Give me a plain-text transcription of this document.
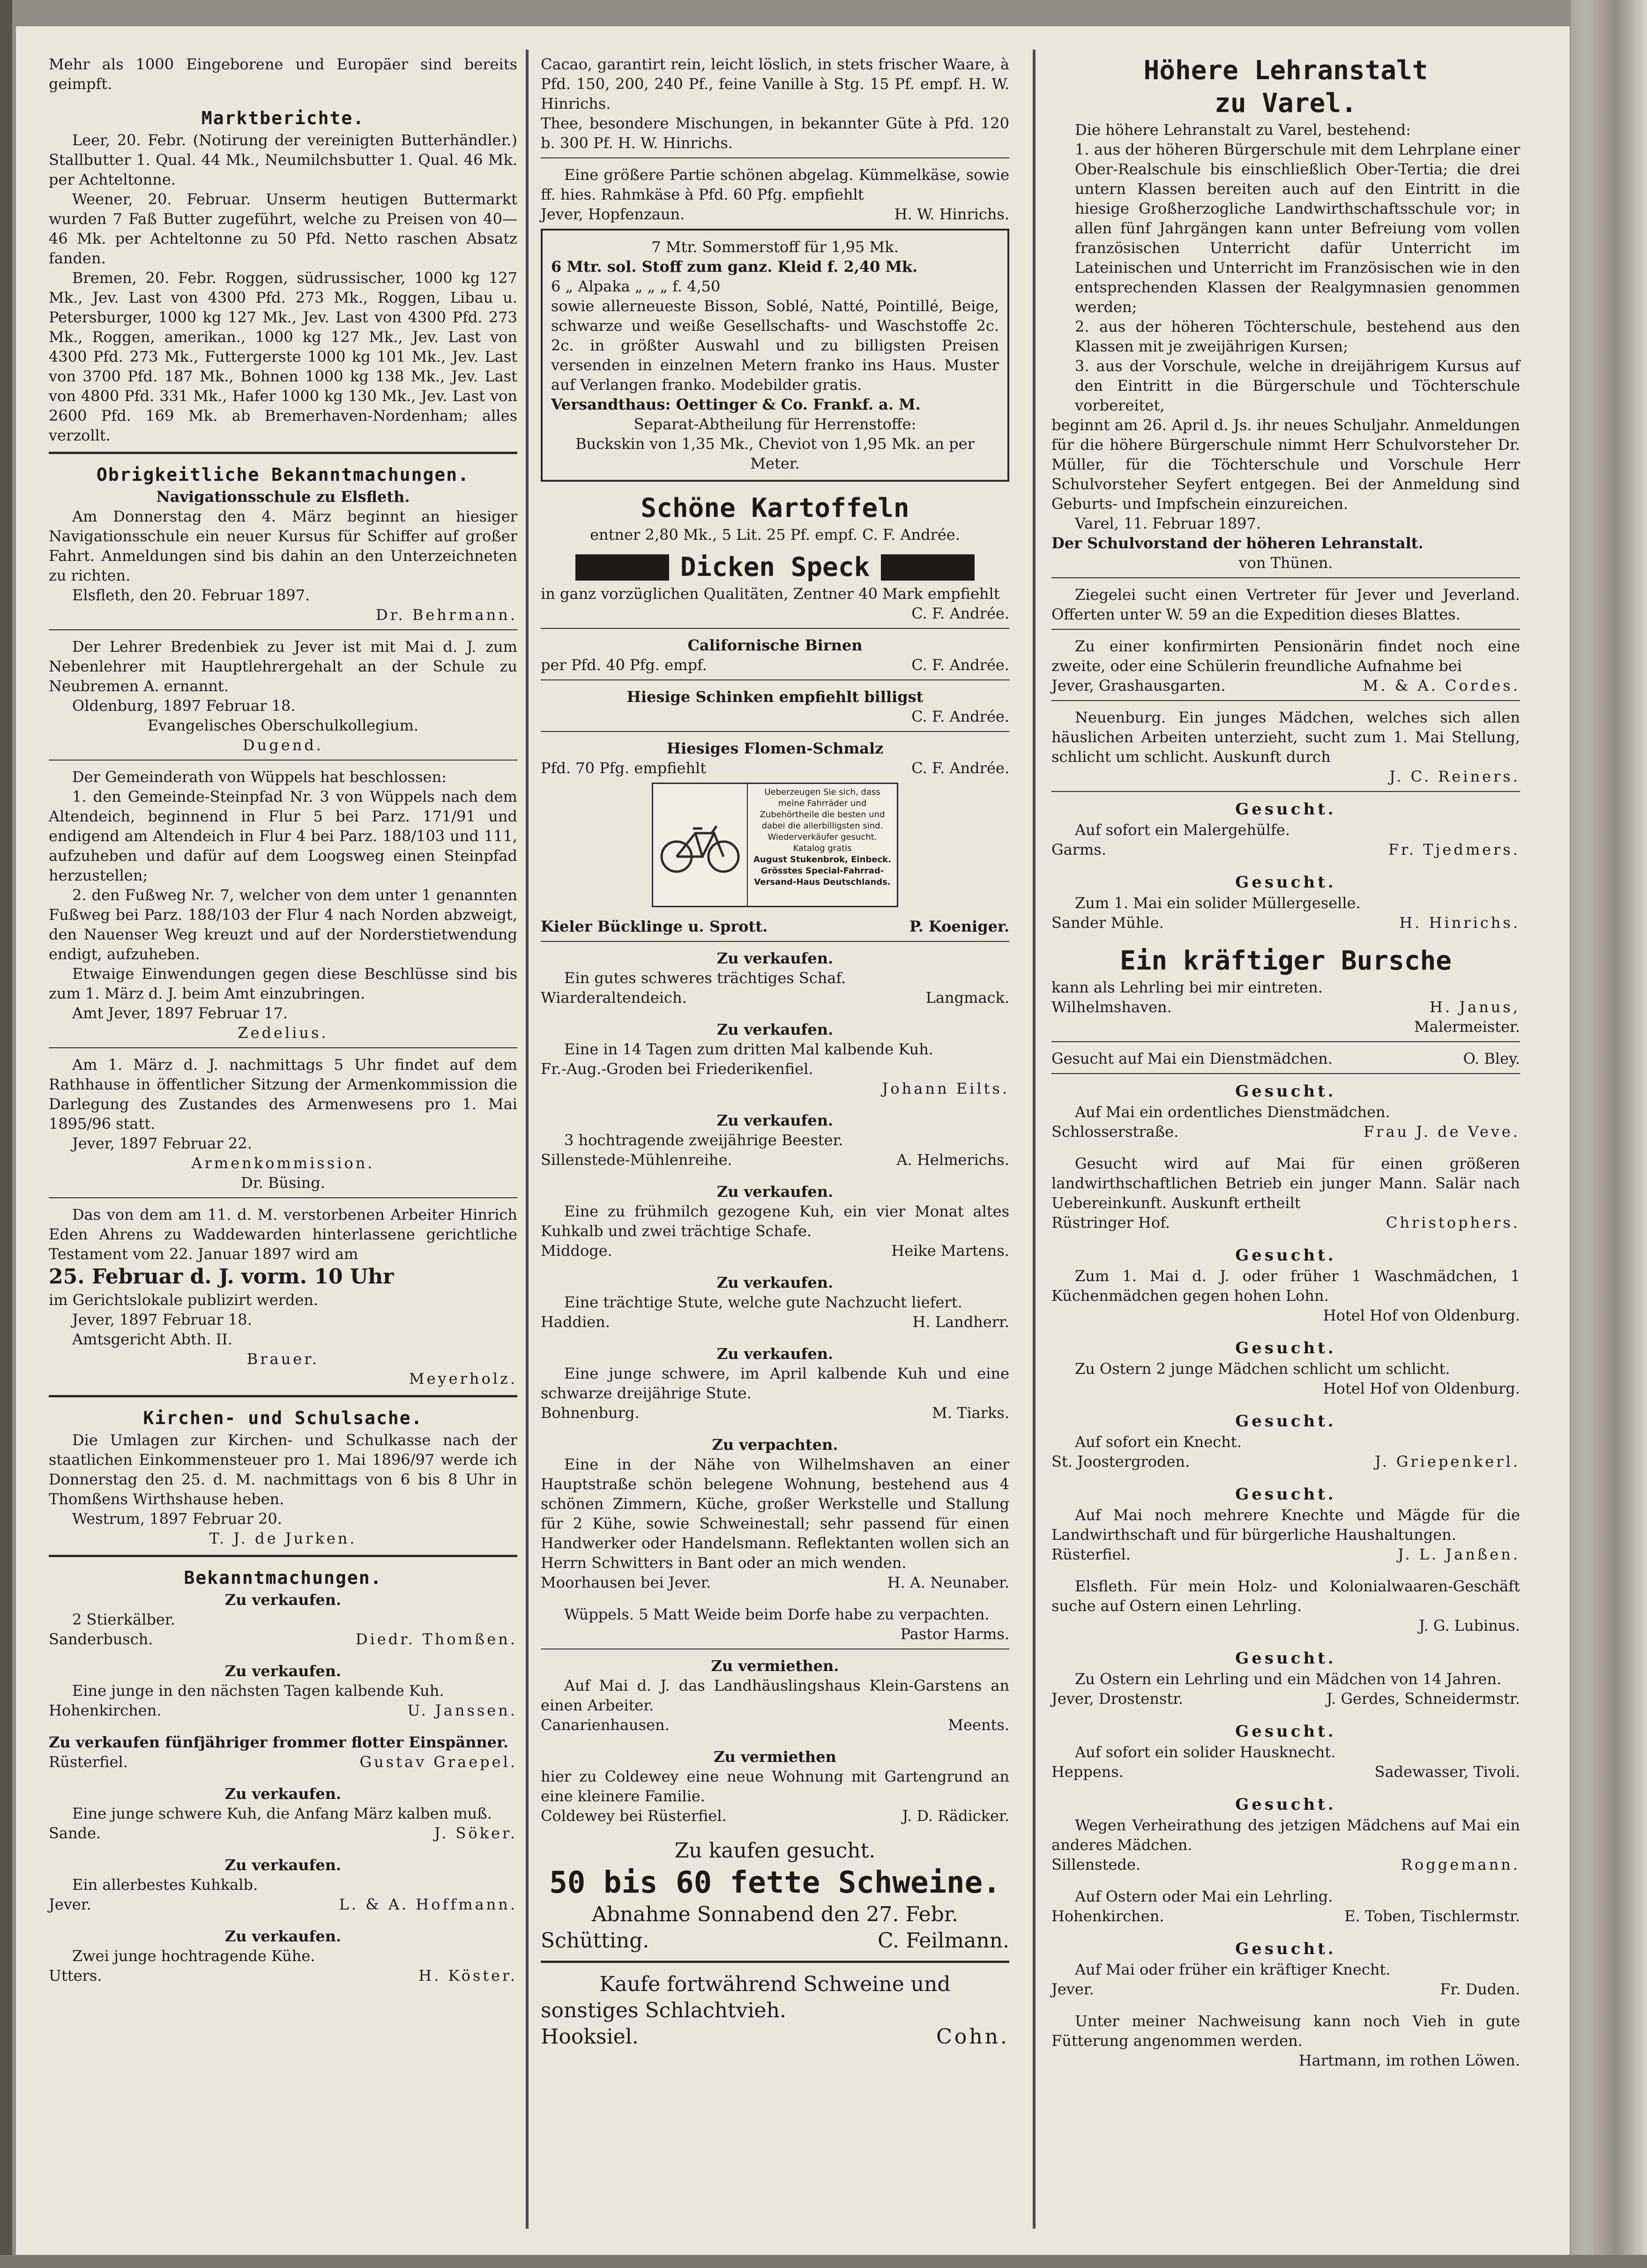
Mehr als 1000 Eingeborene und Europäer sind bereits geimpft.

Marktberichte.

Leer, 20. Febr. (Notirung der vereinigten Butterhändler.) Stallbutter 1. Qual. 44 Mk., Neumilchsbutter 1. Qual. 46 Mk. per Achteltonne.

Weener, 20. Februar. Unserm heutigen Buttermarkt wurden 7 Faß Butter zugeführt, welche zu Preisen von 40—46 Mk. per Achteltonne zu 50 Pfd. Netto raschen Absatz fanden.

Bremen, 20. Febr. Roggen, südrussischer, 1000 kg 127 Mk., Jev. Last von 4300 Pfd. 273 Mk., Roggen, Libau u. Petersburger, 1000 kg 127 Mk., Jev. Last von 4300 Pfd. 273 Mk., Roggen, amerikan., 1000 kg 127 Mk., Jev. Last von 4300 Pfd. 273 Mk., Futtergerste 1000 kg 101 Mk., Jev. Last von 3700 Pfd. 187 Mk., Bohnen 1000 kg 138 Mk., Jev. Last von 4800 Pfd. 331 Mk., Hafer 1000 kg 130 Mk., Jev. Last von 2600 Pfd. 169 Mk. ab Bremerhaven-Nordenham; alles verzollt.

Obrigkeitliche Bekanntmachungen.

Navigationsschule zu Elsfleth.

Am Donnerstag den 4. März beginnt an hiesiger Navigationsschule ein neuer Kursus für Schiffer auf großer Fahrt. Anmeldungen sind bis dahin an den Unterzeichneten zu richten.

Elsfleth, den 20. Februar 1897.

Dr. Behrmann.

Der Lehrer Bredenbiek zu Jever ist mit Mai d. J. zum Nebenlehrer mit Hauptlehrergehalt an der Schule zu Neubremen A. ernannt.

Oldenburg, 1897 Februar 18.

Evangelisches Oberschulkollegium.

Dugend.

Der Gemeinderath von Wüppels hat beschlossen:

1. den Gemeinde-Steinpfad Nr. 3 von Wüppels nach dem Altendeich, beginnend in Flur 5 bei Parz. 171/91 und endigend am Altendeich in Flur 4 bei Parz. 188/103 und 111, aufzuheben und dafür auf dem Loogsweg einen Steinpfad herzustellen;

2. den Fußweg Nr. 7, welcher von dem unter 1 genannten Fußweg bei Parz. 188/103 der Flur 4 nach Norden abzweigt, den Nauenser Weg kreuzt und auf der Norderstietwendung endigt, aufzuheben.

Etwaige Einwendungen gegen diese Beschlüsse sind bis zum 1. März d. J. beim Amt einzubringen.

Amt Jever, 1897 Februar 17.

Zedelius.

Am 1. März d. J. nachmittags 5 Uhr findet auf dem Rathhause in öffentlicher Sitzung der Armenkommission die Darlegung des Zustandes des Armenwesens pro 1. Mai 1895/96 statt.

Jever, 1897 Februar 22.

Armenkommission.

Dr. Büsing.

Das von dem am 11. d. M. verstorbenen Arbeiter Hinrich Eden Ahrens zu Waddewarden hinterlassene gerichtliche Testament vom 22. Januar 1897 wird am

25. Februar d. J. vorm. 10 Uhr

im Gerichtslokale publizirt werden.

Jever, 1897 Februar 18.

Amtsgericht Abth. II.

Brauer.

Meyerholz.

Kirchen- und Schulsache.

Die Umlagen zur Kirchen- und Schulkasse nach der staatlichen Einkommensteuer pro 1. Mai 1896/97 werde ich Donnerstag den 25. d. M. nachmittags von 6 bis 8 Uhr in Thomßens Wirthshause heben.

Westrum, 1897 Februar 20.

T. J. de Jurken.

Bekanntmachungen.

Zu verkaufen.

2 Stierkälber.

Sanderbusch.	Diedr. Thomßen.

Zu verkaufen.

Eine junge in den nächsten Tagen kalbende Kuh.

Hohenkirchen.	U. Janssen.

Zu verkaufen fünfjähriger frommer flotter Einspänner.

Rüsterfiel.	Gustav Graepel.

Zu verkaufen.

Eine junge schwere Kuh, die Anfang März kalben muß.

Sande.	J. Söker.

Zu verkaufen.

Ein allerbestes Kuhkalb.

Jever.	L. & A. Hoffmann.

Zu verkaufen.

Zwei junge hochtragende Kühe.

Utters.	H. Köster.

Cacao, garantirt rein, leicht löslich, in stets frischer Waare, à Pfd. 150, 200, 240 Pf., feine Vanille à Stg. 15 Pf. empf. H. W. Hinrichs.

Thee, besondere Mischungen, in bekannter Güte à Pfd. 120 b. 300 Pf. H. W. Hinrichs.

Eine größere Partie schönen abgelag. Kümmelkäse, sowie ff. hies. Rahmkäse à Pfd. 60 Pfg. empfiehlt

Jever, Hopfenzaun.	H. W. Hinrichs.

7 Mtr. Sommerstoff für 1,95 Mk.

6 Mtr. sol. Stoff zum ganz. Kleid f. 2,40 Mk.

6 „ Alpaka „ „ „ f. 4,50

sowie allerneueste Bisson, Soblé, Natté, Pointillé, Beige, schwarze und weiße Gesellschafts- und Waschstoffe 2c. 2c. in größter Auswahl und zu billigsten Preisen versenden in einzelnen Metern franko ins Haus. Muster auf Verlangen franko. Modebilder gratis.

Versandthaus: Oettinger & Co. Frankf. a. M.

Separat-Abtheilung für Herrenstoffe:

Buckskin von 1,35 Mk., Cheviot von 1,95 Mk. an per Meter.

Schöne Kartoffeln

entner 2,80 Mk., 5 Lit. 25 Pf. empf. C. F. Andrée.

Dicken Speck

in ganz vorzüglichen Qualitäten, Zentner 40 Mark empfiehlt

C. F. Andrée.

Californische Birnen

per Pfd. 40 Pfg. empf.	C. F. Andrée.

Hiesige Schinken empfiehlt billigst

C. F. Andrée.

Hiesiges Flomen-Schmalz

Pfd. 70 Pfg. empfiehlt	C. F. Andrée.
Ueberzeugen Sie sich, dass meine Fahrräder und Zubehörtheile die besten und dabei die allerbilligsten sind.
Wiederverkäufer gesucht. Katalog gratis
August Stukenbrok, Einbeck.
Grösstes Special-Fahrrad-Versand-Haus Deutschlands.
Kieler Bücklinge u. Sprott.	P. Koeniger.

Zu verkaufen.

Ein gutes schweres trächtiges Schaf.

Wiarderaltendeich.	Langmack.

Zu verkaufen.

Eine in 14 Tagen zum dritten Mal kalbende Kuh.

Fr.-Aug.-Groden bei Friederikenfiel.

Johann Eilts.

Zu verkaufen.

3 hochtragende zweijährige Beester.

Sillenstede-Mühlenreihe.	A. Helmerichs.

Zu verkaufen.

Eine zu frühmilch gezogene Kuh, ein vier Monat altes Kuhkalb und zwei trächtige Schafe.

Middoge.	Heike Martens.

Zu verkaufen.

Eine trächtige Stute, welche gute Nachzucht liefert.

Haddien.	H. Landherr.

Zu verkaufen.

Eine junge schwere, im April kalbende Kuh und eine schwarze dreijährige Stute.

Bohnenburg.	M. Tiarks.

Zu verpachten.

Eine in der Nähe von Wilhelmshaven an einer Hauptstraße schön belegene Wohnung, bestehend aus 4 schönen Zimmern, Küche, großer Werkstelle und Stallung für 2 Kühe, sowie Schweinestall; sehr passend für einen Handwerker oder Handelsmann. Reflektanten wollen sich an Herrn Schwitters in Bant oder an mich wenden.

Moorhausen bei Jever.	H. A. Neunaber.

Wüppels. 5 Matt Weide beim Dorfe habe zu verpachten.

Pastor Harms.

Zu vermiethen.

Auf Mai d. J. das Landhäuslingshaus Klein-Garstens an einen Arbeiter.

Canarienhausen.	Meents.

Zu vermiethen

hier zu Coldewey eine neue Wohnung mit Gartengrund an eine kleinere Familie.

Coldewey bei Rüsterfiel.	J. D. Rädicker.

Zu kaufen gesucht.

50 bis 60 fette Schweine.

Abnahme Sonnabend den 27. Febr.

Schütting.	C. Feilmann.

Kaufe fortwährend Schweine und

sonstiges Schlachtvieh.

Hooksiel.	Cohn.

Höhere Lehranstalt

zu Varel.

Die höhere Lehranstalt zu Varel, bestehend:

1. aus der höheren Bürgerschule mit dem Lehrplane einer Ober-Realschule bis einschließlich Ober-Tertia; die drei untern Klassen bereiten auch auf den Eintritt in die hiesige Großherzogliche Landwirthschaftsschule vor; in allen fünf Jahrgängen kann unter Befreiung vom vollen französischen Unterricht dafür Unterricht im Lateinischen und Unterricht im Französischen wie in den entsprechenden Klassen der Realgymnasien genommen werden;

2. aus der höheren Töchterschule, bestehend aus den Klassen mit je zweijährigen Kursen;

3. aus der Vorschule, welche in dreijährigem Kursus auf den Eintritt in die Bürgerschule und Töchterschule vorbereitet,

beginnt am 26. April d. Js. ihr neues Schuljahr. Anmeldungen für die höhere Bürgerschule nimmt Herr Schulvorsteher Dr. Müller, für die Töchterschule und Vorschule Herr Schulvorsteher Seyfert entgegen. Bei der Anmeldung sind Geburts- und Impfschein einzureichen.

Varel, 11. Februar 1897.

Der Schulvorstand der höheren Lehranstalt.

von Thünen.

Ziegelei sucht einen Vertreter für Jever und Jeverland. Offerten unter W. 59 an die Expedition dieses Blattes.

Zu einer konfirmirten Pensionärin findet noch eine zweite, oder eine Schülerin freundliche Aufnahme bei

Jever, Grashausgarten.	M. & A. Cordes.

Neuenburg. Ein junges Mädchen, welches sich allen häuslichen Arbeiten unterzieht, sucht zum 1. Mai Stellung, schlicht um schlicht. Auskunft durch

J. C. Reiners.

Gesucht.

Auf sofort ein Malergehülfe.

Garms.	Fr. Tjedmers.

Gesucht.

Zum 1. Mai ein solider Müllergeselle.

Sander Mühle.	H. Hinrichs.

Ein kräftiger Bursche

kann als Lehrling bei mir eintreten.

Wilhelmshaven.	H. Janus,

Malermeister.

Gesucht auf Mai ein Dienstmädchen.	O. Bley.

Gesucht.

Auf Mai ein ordentliches Dienstmädchen.

Schlosserstraße.	Frau J. de Veve.

Gesucht wird auf Mai für einen größeren landwirthschaftlichen Betrieb ein junger Mann. Salär nach Uebereinkunft. Auskunft ertheilt

Rüstringer Hof.	Christophers.

Gesucht.

Zum 1. Mai d. J. oder früher 1 Waschmädchen, 1 Küchenmädchen gegen hohen Lohn.

Hotel Hof von Oldenburg.

Gesucht.

Zu Ostern 2 junge Mädchen schlicht um schlicht.

Hotel Hof von Oldenburg.

Gesucht.

Auf sofort ein Knecht.

St. Joostergroden.	J. Griepenkerl.

Gesucht.

Auf Mai noch mehrere Knechte und Mägde für die Landwirthschaft und für bürgerliche Haushaltungen.

Rüsterfiel.	J. L. Janßen.

Elsfleth. Für mein Holz- und Kolonialwaaren-Geschäft suche auf Ostern einen Lehrling.

J. G. Lubinus.

Gesucht.

Zu Ostern ein Lehrling und ein Mädchen von 14 Jahren.

Jever, Drostenstr.	J. Gerdes, Schneidermstr.

Gesucht.

Auf sofort ein solider Hausknecht.

Heppens.	Sadewasser, Tivoli.

Gesucht.

Wegen Verheirathung des jetzigen Mädchens auf Mai ein anderes Mädchen.

Sillenstede.	Roggemann.

Auf Ostern oder Mai ein Lehrling.

Hohenkirchen.	E. Toben, Tischlermstr.

Gesucht.

Auf Mai oder früher ein kräftiger Knecht.

Jever.	Fr. Duden.

Unter meiner Nachweisung kann noch Vieh in gute Fütterung angenommen werden.

Hartmann, im rothen Löwen.
